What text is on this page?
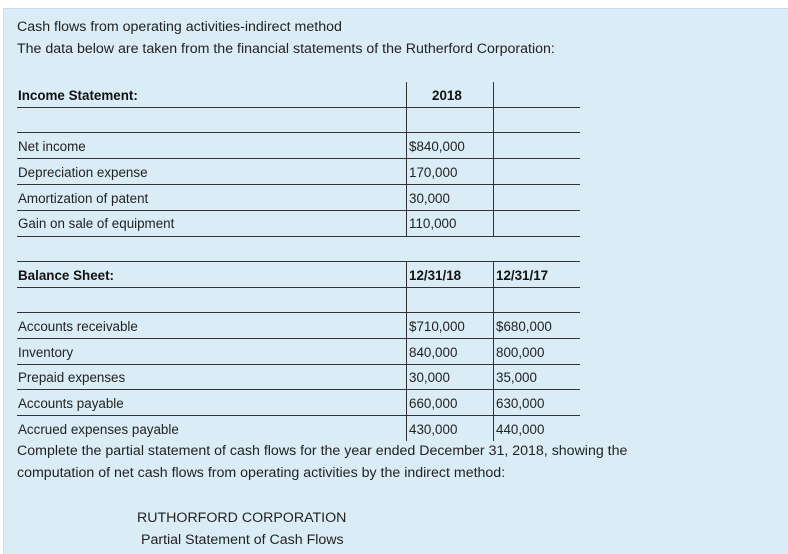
Cash flows from operating activities-indirect method
The data below are taken from the financial statements of the Rutherford Corporation:
Income Statement:	2018
Net income	$840,000
Depreciation expense	170,000
Amortization of patent	30,000
Gain on sale of equipment	110,000
Balance Sheet:	12/31/18	12/31/17
Accounts receivable	$710,000 $680,000
Inventory	840,000	800,000
Prepaid expenses	30,000	35,000
Accounts payable	660,000	630,000
Accrued expenses payable	430,000	440,000
Complete the partial statement of cash flows for the year ended December 31, 2018, showing the
computation of net cash flows from operating activities by the indirect method:
RUTHORFORD CORPORATION
Partial Statement of Cash Flows
